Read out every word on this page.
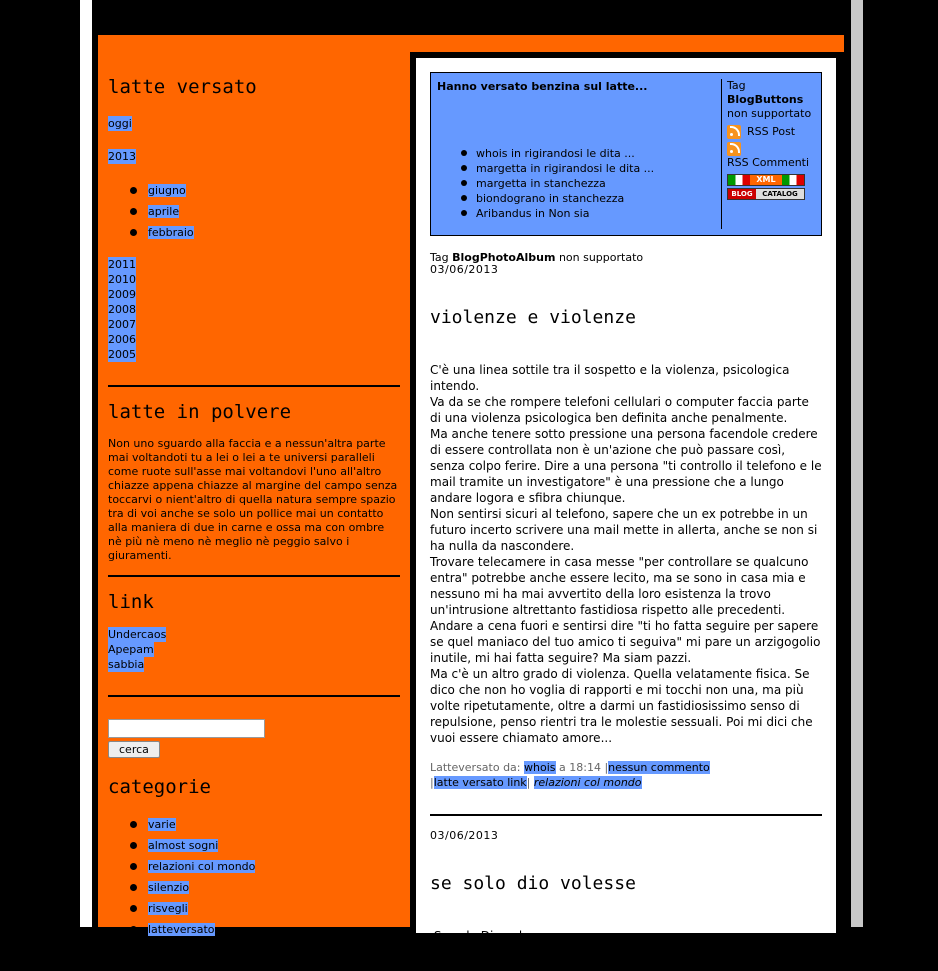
latte versato
oggi
2013
giugno
aprile
febbraio
2011
2010
2009
2008
2007
2006
2005
latte in polvere

Non uno sguardo alla faccia e a nessun'altra parte mai voltandoti tu a lei o lei a te universi paralleli come ruote sull'asse mai voltandovi l'uno all'altro chiazze appena chiazze al margine del campo senza toccarvi o nient'altro di quella natura sempre spazio tra di voi anche se solo un pollice mai un contatto alla maniera di due in carne e ossa ma con ombre nè più nè meno nè meglio nè peggio salvo i giuramenti.

link
Undercaos
Apepam
sabbia
cerca
categorie
varie
almost sogni
relazioni col mondo
silenzio
risvegli
latteversato
Hanno versato benzina sul latte...
whois in rigirandosi le dita ...
margetta in rigirandosi le dita ...
margetta in stanchezza
biondograno in stanchezza
Aribandus in Non sia
Tag
BlogButtons
non supportato
RSS Post
RSS Commenti
XML
BLOG	CATALOG
Tag BlogPhotoAlbum non supportato
03/06/2013
violenze e violenze
C'è una linea sottile tra il sospetto e la violenza, psicologica intendo.
Va da se che rompere telefoni cellulari o computer faccia parte di una violenza psicologica ben definita anche penalmente.
Ma anche tenere sotto pressione una persona facendole credere di essere controllata non è un'azione che può passare così, senza colpo ferire. Dire a una persona "ti controllo il telefono e le mail tramite un investigatore" è una pressione che a lungo andare logora e sfibra chiunque.
Non sentirsi sicuri al telefono, sapere che un ex potrebbe in un futuro incerto scrivere una mail mette in allerta, anche se non si ha nulla da nascondere.
Trovare telecamere in casa messe "per controllare se qualcuno entra" potrebbe anche essere lecito, ma se sono in casa mia e nessuno mi ha mai avvertito della loro esistenza la trovo un'intrusione altrettanto fastidiosa rispetto alle precedenti. Andare a cena fuori e sentirsi dire "ti ho fatta seguire per sapere se quel maniaco del tuo amico ti seguiva" mi pare un arzigogolio inutile, mi hai fatta seguire? Ma siam pazzi.
Ma c'è un altro grado di violenza. Quella velatamente fisica. Se dico che non ho voglia di rapporti e mi tocchi non una, ma più volte ripetutamente, oltre a darmi un fastidiosissimo senso di repulsione, penso rientri tra le molestie sessuali. Poi mi dici che vuoi essere chiamato amore...
Latteversato da: whois a 18:14 |nessun commento
|latte versato link| relazioni col mondo
03/06/2013
se solo dio volesse
Se solo Dio volesse,
ma anche un dio un bene
